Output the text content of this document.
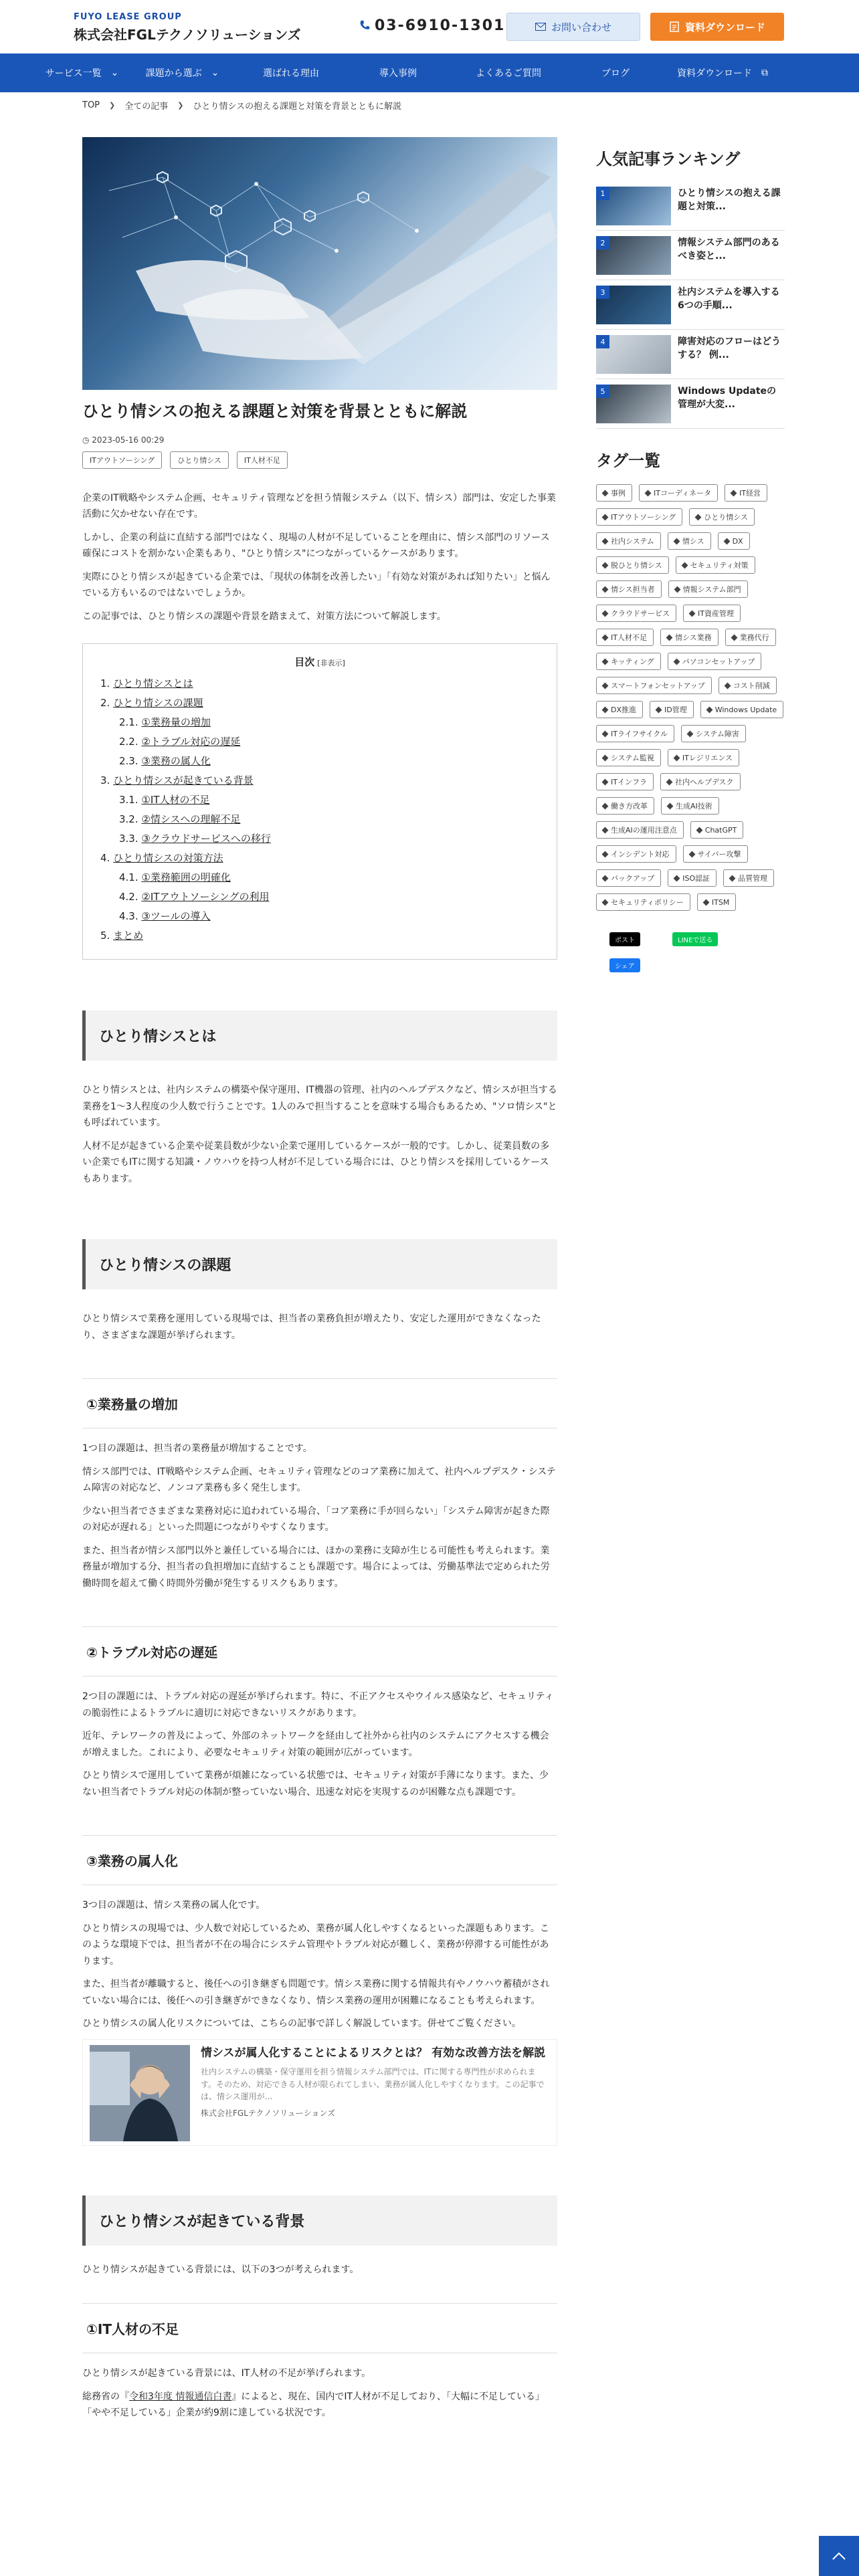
FUYO LEASE GROUP
株式会社FGLテクノソリューションズ
03-6910-1301	お問い合わせ	資料ダウンロード
サービス一覧 ⌄	課題から選ぶ ⌄	選ばれる理由	導入事例	よくあるご質問	ブログ	資料ダウンロード ⧉
TOP ❯ 全ての記事 ❯ ひとり情シスの抱える課題と対策を背景とともに解説
ひとり情シスの抱える課題と対策を背景とともに解説
◷ 2023-05-16 00:29
ITアウトソーシング	ひとり情シス	IT人材不足

企業のIT戦略やシステム企画、セキュリティ管理などを担う情報システム（以下、情シス）部門は、安定した事業活動に欠かせない存在です。

しかし、企業の利益に直結する部門ではなく、現場の人材が不足していることを理由に、情シス部門のリソース確保にコストを割かない企業もあり、"ひとり情シス"につながっているケースがあります。

実際にひとり情シスが起きている企業では、「現状の体制を改善したい」「有効な対策があれば知りたい」と悩んでいる方もいるのではないでしょうか。

この記事では、ひとり情シスの課題や背景を踏まえて、対策方法について解説します。

目次 [非表示]
1. ひとり情シスとは
2. ひとり情シスの課題
2.1. ①業務量の増加
2.2. ②トラブル対応の遅延
2.3. ③業務の属人化
3. ひとり情シスが起きている背景
3.1. ①IT人材の不足
3.2. ②情シスへの理解不足
3.3. ③クラウドサービスへの移行
4. ひとり情シスの対策方法
4.1. ①業務範囲の明確化
4.2. ②ITアウトソーシングの利用
4.3. ③ツールの導入
5. まとめ
ひとり情シスとは

ひとり情シスとは、社内システムの構築や保守運用、IT機器の管理、社内のヘルプデスクなど、情シスが担当する業務を1〜3人程度の少人数で行うことです。1人のみで担当することを意味する場合もあるため、"ソロ情シス"とも呼ばれています。

人材不足が起きている企業や従業員数が少ない企業で運用しているケースが一般的です。しかし、従業員数の多い企業でもITに関する知識・ノウハウを持つ人材が不足している場合には、ひとり情シスを採用しているケースもあります。

ひとり情シスの課題

ひとり情シスで業務を運用している現場では、担当者の業務負担が増えたり、安定した運用ができなくなったり、さまざまな課題が挙げられます。

①業務量の増加

1つ目の課題は、担当者の業務量が増加することです。

情シス部門では、IT戦略やシステム企画、セキュリティ管理などのコア業務に加えて、社内ヘルプデスク・システム障害の対応など、ノンコア業務も多く発生します。

少ない担当者でさまざまな業務対応に追われている場合、「コア業務に手が回らない」「システム障害が起きた際の対応が遅れる」といった問題につながりやすくなります。

また、担当者が情シス部門以外と兼任している場合には、ほかの業務に支障が生じる可能性も考えられます。業務量が増加する分、担当者の負担増加に直結することも課題です。場合によっては、労働基準法で定められた労働時間を超えて働く時間外労働が発生するリスクもあります。

②トラブル対応の遅延

2つ目の課題には、トラブル対応の遅延が挙げられます。特に、不正アクセスやウイルス感染など、セキュリティの脆弱性によるトラブルに適切に対応できないリスクがあります。

近年、テレワークの普及によって、外部のネットワークを経由して社外から社内のシステムにアクセスする機会が増えました。これにより、必要なセキュリティ対策の範囲が広がっています。

ひとり情シスで運用していて業務が煩雑になっている状態では、セキュリティ対策が手薄になります。また、少ない担当者でトラブル対応の体制が整っていない場合、迅速な対応を実現するのが困難な点も課題です。

③業務の属人化

3つ目の課題は、情シス業務の属人化です。

ひとり情シスの現場では、少人数で対応しているため、業務が属人化しやすくなるといった課題もあります。このような環境下では、担当者が不在の場合にシステム管理やトラブル対応が難しく、業務が停滞する可能性があります。

また、担当者が離職すると、後任への引き継ぎも問題です。情シス業務に関する情報共有やノウハウ蓄積がされていない場合には、後任への引き継ぎができなくなり、情シス業務の運用が困難になることも考えられます。

ひとり情シスの属人化リスクについては、こちらの記事で詳しく解説しています。併せてご覧ください。

情シスが属人化することによるリスクとは？ 有効な改善方法を解説
社内システムの構築・保守運用を担う情報システム部門では、ITに関する専門性が求められます。そのため、対応できる人材が限られてしまい、業務が属人化しやすくなります。この記事では、情シス運用が...
株式会社FGLテクノソリューションズ
ひとり情シスが起きている背景

ひとり情シスが起きている背景には、以下の3つが考えられます。

①IT人材の不足

ひとり情シスが起きている背景には、IT人材の不足が挙げられます。

総務省の『令和3年度 情報通信白書』によると、現在、国内でIT人材が不足しており、「大幅に不足している」「やや不足している」企業が約9割に達している状況です。

人気記事ランキング
1	ひとり情シスの抱える課題と対策...
2	情報システム部門のあるべき姿と...
3	社内システムを導入する6つの手順...
4	障害対応のフローはどうする？ 例...
5	Windows Updateの管理が大変...
タグ一覧
事例	ITコーディネータ	IT経営
ITアウトソーシング	ひとり情シス
社内システム	情シス	DX
脱ひとり情シス	セキュリティ対策
情シス担当者	情報システム部門
クラウドサービス	IT資産管理
IT人材不足	情シス業務	業務代行
キッティング	パソコンセットアップ
スマートフォンセットアップ	コスト削減
DX推進	ID管理	Windows Update
ITライフサイクル	システム障害
システム監視	ITレジリエンス
ITインフラ	社内ヘルプデスク
働き方改革	生成AI技術
生成AIの運用注意点	ChatGPT
インシデント対応	サイバー攻撃
バックアップ	ISO認証	品質管理
セキュリティポリシー	ITSM
ポスト	LINEで送る
シェア
